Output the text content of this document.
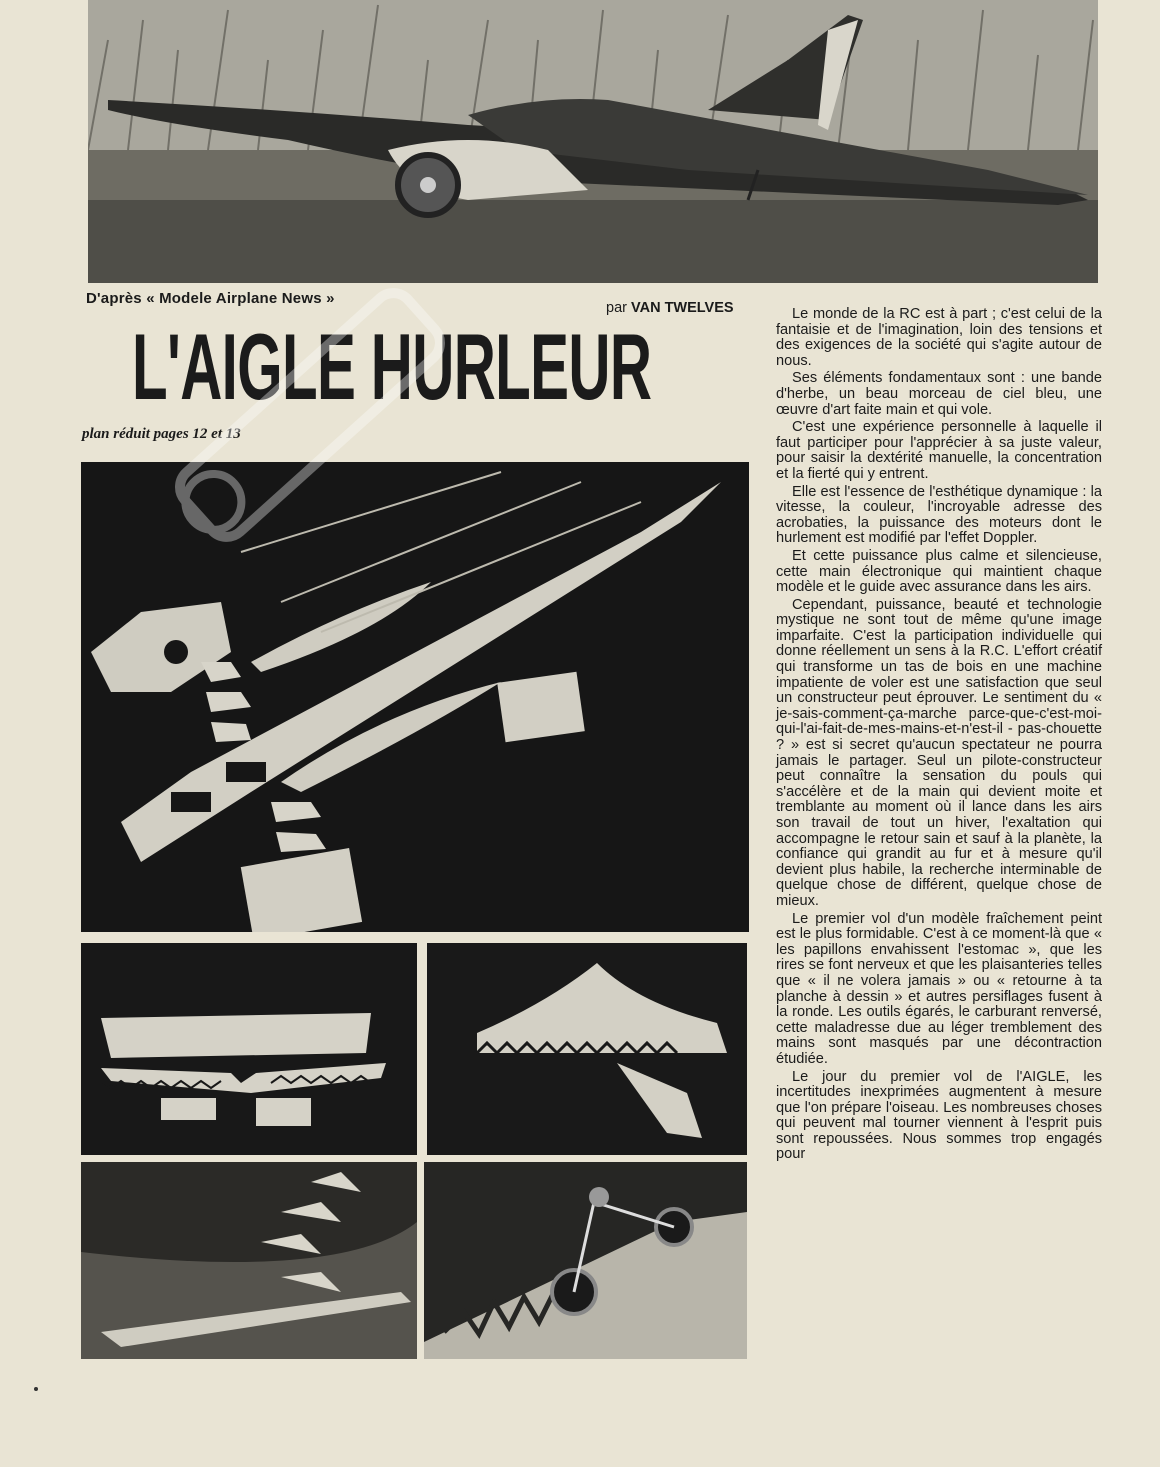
D'après « Modele Airplane News »
par VAN TWELVES
L'AIGLE HURLEUR
plan réduit pages 12 et 13

Le monde de la RC est à part ; c'est celui de la fantaisie et de l'imagination, loin des tensions et des exigences de la société qui s'agite autour de nous.

Ses éléments fondamentaux sont : une bande d'herbe, un beau morceau de ciel bleu, une œuvre d'art faite main et qui vole.

C'est une expérience personnelle à laquelle il faut participer pour l'apprécier à sa juste valeur, pour saisir la dextérité manuelle, la concentration et la fierté qui y entrent.

Elle est l'essence de l'esthétique dynamique : la vitesse, la couleur, l'incroyable adresse des acrobaties, la puissance des moteurs dont le hurlement est modifié par l'effet Doppler.

Et cette puissance plus calme et silencieuse, cette main électronique qui maintient chaque modèle et le guide avec assurance dans les airs.

Cependant, puissance, beauté et technologie mystique ne sont tout de même qu'une image imparfaite. C'est la participation individuelle qui donne réellement un sens à la R.C. L'effort créatif qui transforme un tas de bois en une machine impatiente de voler est une satisfaction que seul un constructeur peut éprouver. Le sentiment du « je-sais-comment-ça-marche parce-que-c'est-moi-qui-l'ai-fait-de-mes-mains-et-n'est-il - pas-chouette ? » est si secret qu'aucun spectateur ne pourra jamais le partager. Seul un pilote-constructeur peut connaître la sensation du pouls qui s'accélère et de la main qui devient moite et tremblante au moment où il lance dans les airs son travail de tout un hiver, l'exaltation qui accompagne le retour sain et sauf à la planète, la confiance qui grandit au fur et à mesure qu'il devient plus habile, la recherche interminable de quelque chose de différent, quelque chose de mieux.

Le premier vol d'un modèle fraîchement peint est le plus formidable. C'est à ce moment-là que « les papillons envahissent l'estomac », que les rires se font nerveux et que les plaisanteries telles que « il ne volera jamais » ou « retourne à ta planche à dessin » et autres persiflages fusent à la ronde. Les outils égarés, le carburant renversé, cette maladresse due au léger tremblement des mains sont masqués par une décontraction étudiée.

Le jour du premier vol de l'AIGLE, les incertitudes inexprimées augmentent à mesure que l'on prépare l'oiseau. Les nombreuses choses qui peuvent mal tourner viennent à l'esprit puis sont repoussées. Nous sommes trop engagés pour
